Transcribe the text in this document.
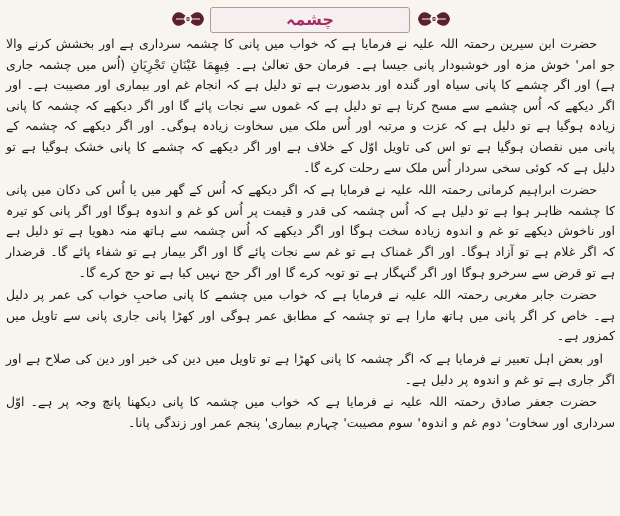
چشمہ

حضرت ابن سیرین رحمتہ اللہ علیہ نے فرمایا ہے کہ خواب میں پانی کا چشمہ سرداری ہے اور بخشش کرنے والا جو امر' خوش مزہ اور خوشبودار پانی جیسا ہے۔ فرمان حق تعالیٰ ہے۔ فِيهِمَا عَيْنَانِ تَجْرِيَانِ (اُس میں چشمہ جاری ہے) اور اگر چشمے کا پانی سیاہ اور گندہ اور بدصورت ہے تو دلیل ہے کہ انجام غم اور بیماری اور مصیبت ہے۔ اور اگر دیکھے کہ اُس چشمے سے مسح کرتا ہے تو دلیل ہے کہ غموں سے نجات پائے گا اور اگر دیکھے کہ چشمہ کا پانی زیادہ ہوگیا ہے تو دلیل ہے کہ عزت و مرتبہ اور اُس ملک میں سخاوت زیادہ ہوگی۔ اور اگر دیکھے کہ چشمہ کے پانی میں نقصان ہوگیا ہے تو اس کی تاویل اوّل کے خلاف ہے اور اگر دیکھے کہ چشمے کا پانی خشک ہوگیا ہے تو دلیل ہے کہ کوئی سخی سردار اُس ملک سے رحلت کرے گا۔

حضرت ابراہیم کرمانی رحمتہ اللہ علیہ نے فرمایا ہے کہ اگر دیکھے کہ اُس کے گھر میں یا اُس کی دکان میں پانی کا چشمہ ظاہر ہوا ہے تو دلیل ہے کہ اُس چشمہ کی قدر و قیمت پر اُس کو غم و اندوہ ہوگا اور اگر پانی کو تیرہ اور ناخوش دیکھے تو غم و اندوہ زیادہ سخت ہوگا اور اگر دیکھے کہ اُس چشمہ سے ہاتھ منہ دھویا ہے تو دلیل ہے کہ اگر غلام ہے تو آزاد ہوگا۔ اور اگر غمناک ہے تو غم سے نجات پائے گا اور اگر بیمار ہے تو شفاء پائے گا۔ قرضدار ہے تو قرض سے سرخرو ہوگا اور اگر گنہگار ہے تو توبہ کرے گا اور اگر حج نہیں کیا ہے تو حج کرے گا۔

حضرت جابر مغربی رحمتہ اللہ علیہ نے فرمایا ہے کہ خواب میں چشمے کا پانی صاحبِ خواب کی عمر پر دلیل ہے۔ خاص کر اگر پانی میں ہاتھ مارا ہے تو چشمہ کے مطابق عمر ہوگی اور کھڑا پانی جاری پانی سے تاویل میں کمزور ہے۔

اور بعض اہل تعبیر نے فرمایا ہے کہ اگر چشمہ کا پانی کھڑا ہے تو تاویل میں دین کی خیر اور دین کی صلاح ہے اور اگر جاری ہے تو غم و اندوہ پر دلیل ہے۔

حضرت جعفر صادق رحمتہ اللہ علیہ نے فرمایا ہے کہ خواب میں چشمہ کا پانی دیکھنا پانچ وجہ پر ہے۔ اوّل سرداری اور سخاوت' دوم غم و اندوہ' سوم مصیبت' چہارم بیماری' پنجم عمر اور زندگی پانا۔
